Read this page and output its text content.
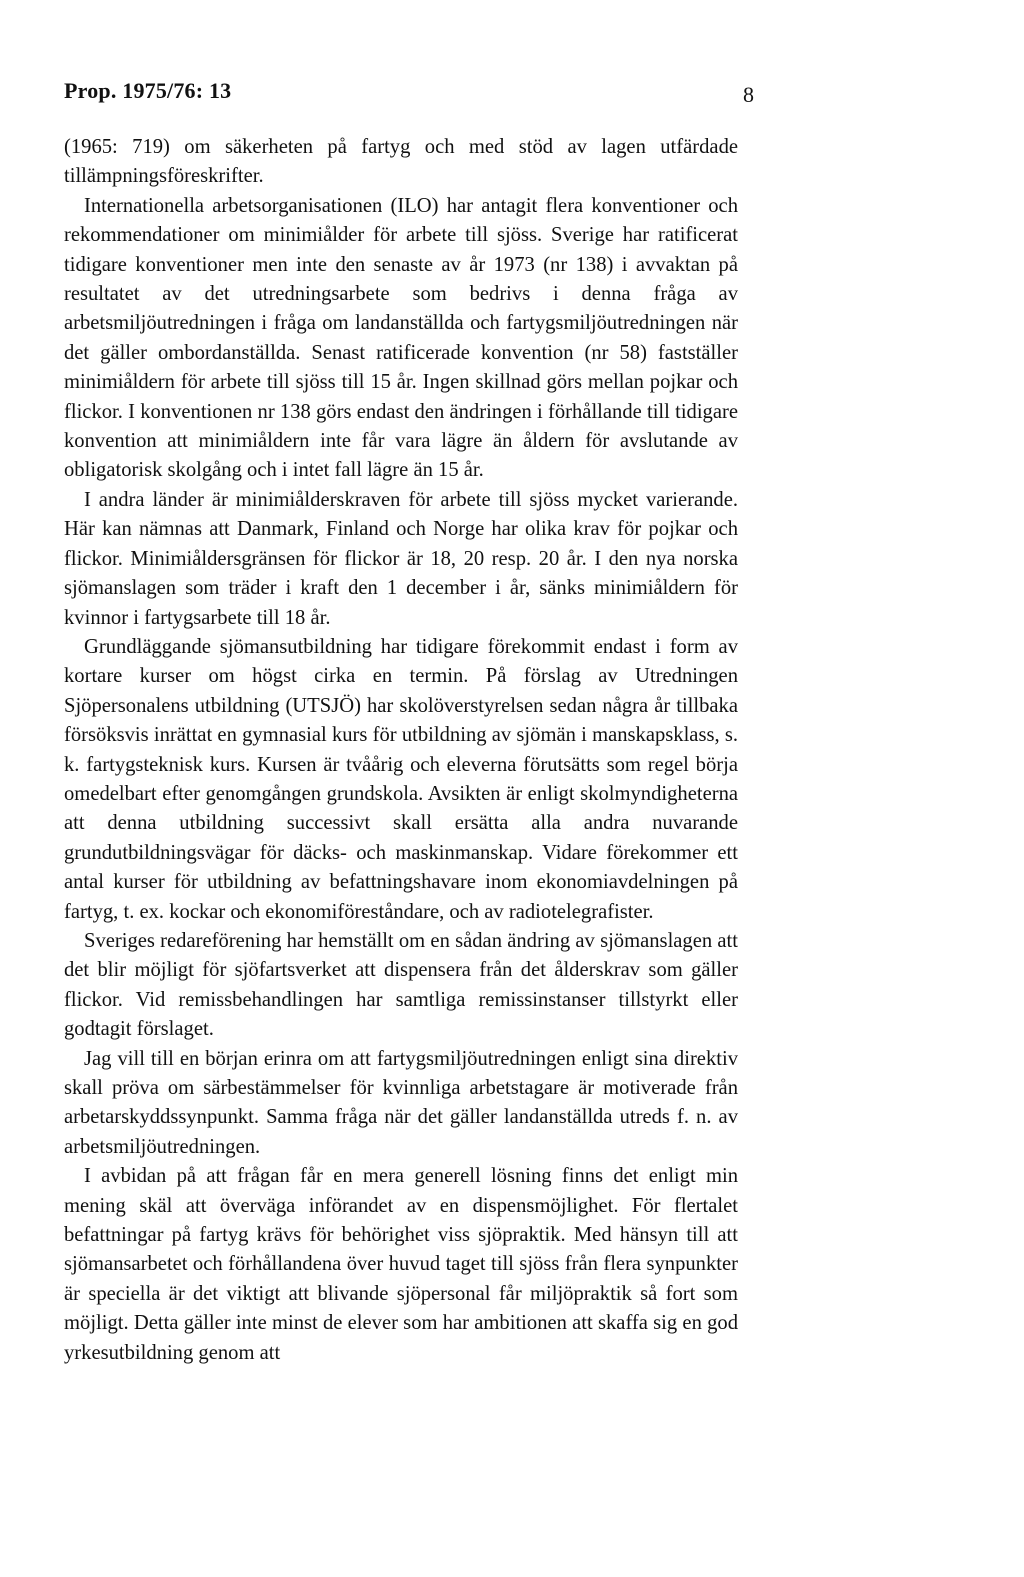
Prop. 1975/76: 13	8

(1965: 719) om säkerheten på fartyg och med stöd av lagen utfärdade tillämpningsföreskrifter.

Internationella arbetsorganisationen (ILO) har antagit flera konventioner och rekommendationer om minimiålder för arbete till sjöss. Sverige har ratificerat tidigare konventioner men inte den senaste av år 1973 (nr 138) i avvaktan på resultatet av det utredningsarbete som bedrivs i denna fråga av arbetsmiljöutredningen i fråga om landanställda och fartygsmiljöutredningen när det gäller ombordanställda. Senast ratificerade konvention (nr 58) fastställer minimiåldern för arbete till sjöss till 15 år. Ingen skillnad görs mellan pojkar och flickor. I konventionen nr 138 görs endast den ändringen i förhållande till tidigare konvention att minimiåldern inte får vara lägre än åldern för avslutande av obligatorisk skolgång och i intet fall lägre än 15 år.

I andra länder är minimiålderskraven för arbete till sjöss mycket varierande. Här kan nämnas att Danmark, Finland och Norge har olika krav för pojkar och flickor. Minimiåldersgränsen för flickor är 18, 20 resp. 20 år. I den nya norska sjömanslagen som träder i kraft den 1 december i år, sänks minimiåldern för kvinnor i fartygsarbete till 18 år.

Grundläggande sjömansutbildning har tidigare förekommit endast i form av kortare kurser om högst cirka en termin. På förslag av Utredningen Sjöpersonalens utbildning (UTSJÖ) har skolöverstyrelsen sedan några år tillbaka försöksvis inrättat en gymnasial kurs för utbildning av sjömän i manskapsklass, s. k. fartygsteknisk kurs. Kursen är tvåårig och eleverna förutsätts som regel börja omedelbart efter genomgången grundskola. Avsikten är enligt skolmyndigheterna att denna utbildning successivt skall ersätta alla andra nuvarande grundutbildningsvägar för däcks- och maskinmanskap. Vidare förekommer ett antal kurser för utbildning av befattningshavare inom ekonomiavdelningen på fartyg, t. ex. kockar och ekonomiföreståndare, och av radiotelegrafister.

Sveriges redareförening har hemställt om en sådan ändring av sjömanslagen att det blir möjligt för sjöfartsverket att dispensera från det ålderskrav som gäller flickor. Vid remissbehandlingen har samtliga remissinstanser tillstyrkt eller godtagit förslaget.

Jag vill till en början erinra om att fartygsmiljöutredningen enligt sina direktiv skall pröva om särbestämmelser för kvinnliga arbetstagare är motiverade från arbetarskyddssynpunkt. Samma fråga när det gäller landanställda utreds f. n. av arbetsmiljöutredningen.

I avbidan på att frågan får en mera generell lösning finns det enligt min mening skäl att överväga införandet av en dispensmöjlighet. För flertalet befattningar på fartyg krävs för behörighet viss sjöpraktik. Med hänsyn till att sjömansarbetet och förhållandena över huvud taget till sjöss från flera synpunkter är speciella är det viktigt att blivande sjöpersonal får miljöpraktik så fort som möjligt. Detta gäller inte minst de elever som har ambitionen att skaffa sig en god yrkesutbildning genom att
